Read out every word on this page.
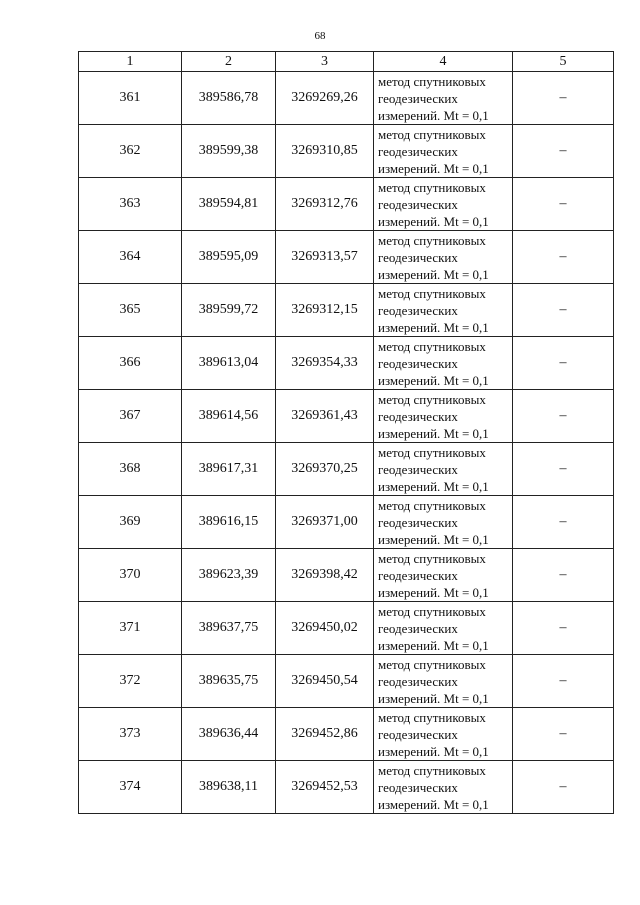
68
1	2	3	4	5
361	389586,78	3269269,26	метод спутниковых
геодезических
измерений. Mt = 0,1	–
362	389599,38	3269310,85	метод спутниковых
геодезических
измерений. Mt = 0,1	–
363	389594,81	3269312,76	метод спутниковых
геодезических
измерений. Mt = 0,1	–
364	389595,09	3269313,57	метод спутниковых
геодезических
измерений. Mt = 0,1	–
365	389599,72	3269312,15	метод спутниковых
геодезических
измерений. Mt = 0,1	–
366	389613,04	3269354,33	метод спутниковых
геодезических
измерений. Mt = 0,1	–
367	389614,56	3269361,43	метод спутниковых
геодезических
измерений. Mt = 0,1	–
368	389617,31	3269370,25	метод спутниковых
геодезических
измерений. Mt = 0,1	–
369	389616,15	3269371,00	метод спутниковых
геодезических
измерений. Mt = 0,1	–
370	389623,39	3269398,42	метод спутниковых
геодезических
измерений. Mt = 0,1	–
371	389637,75	3269450,02	метод спутниковых
геодезических
измерений. Mt = 0,1	–
372	389635,75	3269450,54	метод спутниковых
геодезических
измерений. Mt = 0,1	–
373	389636,44	3269452,86	метод спутниковых
геодезических
измерений. Mt = 0,1	–
374	389638,11	3269452,53	метод спутниковых
геодезических
измерений. Mt = 0,1	–
